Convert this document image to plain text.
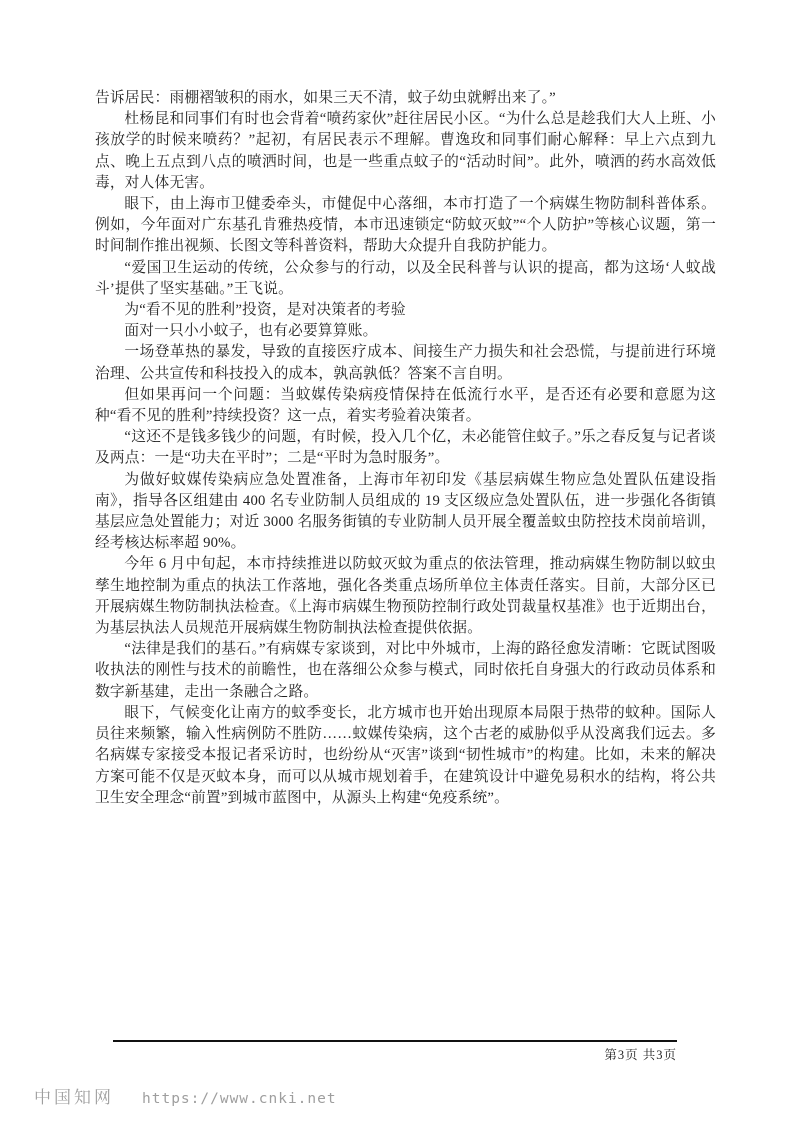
告诉居民：雨棚褶皱积的雨水，如果三天不清，蚊子幼虫就孵出来了。”

杜杨昆和同事们有时也会背着“喷药家伙”赶往居民小区。“为什么总是趁我们大人上班、小孩放学的时候来喷药？”起初，有居民表示不理解。曹逸玫和同事们耐心解释：早上六点到九点、晚上五点到八点的喷洒时间，也是一些重点蚊子的“活动时间”。此外，喷洒的药水高效低毒，对人体无害。

眼下，由上海市卫健委牵头，市健促中心落细，本市打造了一个病媒生物防制科普体系。例如，今年面对广东基孔肯雅热疫情，本市迅速锁定“防蚊灭蚊”“个人防护”等核心议题，第一时间制作推出视频、长图文等科普资料，帮助大众提升自我防护能力。

“爱国卫生运动的传统，公众参与的行动，以及全民科普与认识的提高，都为这场‘人蚊战斗’提供了坚实基础。”王飞说。

为“看不见的胜利”投资，是对决策者的考验

面对一只小小蚊子，也有必要算算账。

一场登革热的暴发，导致的直接医疗成本、间接生产力损失和社会恐慌，与提前进行环境治理、公共宣传和科技投入的成本，孰高孰低？答案不言自明。

但如果再问一个问题：当蚊媒传染病疫情保持在低流行水平，是否还有必要和意愿为这种“看不见的胜利”持续投资？这一点，着实考验着决策者。

“这还不是钱多钱少的问题，有时候，投入几个亿，未必能管住蚊子。”乐之春反复与记者谈及两点：一是“功夫在平时”；二是“平时为急时服务”。

为做好蚊媒传染病应急处置准备，上海市年初印发《基层病媒生物应急处置队伍建设指南》，指导各区组建由 400 名专业防制人员组成的 19 支区级应急处置队伍，进一步强化各街镇基层应急处置能力；对近 3000 名服务街镇的专业防制人员开展全覆盖蚊虫防控技术岗前培训，经考核达标率超 90%。

今年 6 月中旬起，本市持续推进以防蚊灭蚊为重点的依法管理，推动病媒生物防制以蚊虫孳生地控制为重点的执法工作落地，强化各类重点场所单位主体责任落实。目前，大部分区已开展病媒生物防制执法检查。《上海市病媒生物预防控制行政处罚裁量权基准》也于近期出台，为基层执法人员规范开展病媒生物防制执法检查提供依据。

“法律是我们的基石。”有病媒专家谈到，对比中外城市，上海的路径愈发清晰：它既试图吸收执法的刚性与技术的前瞻性，也在落细公众参与模式，同时依托自身强大的行政动员体系和数字新基建，走出一条融合之路。

眼下，气候变化让南方的蚊季变长，北方城市也开始出现原本局限于热带的蚊种。国际人员往来频繁，输入性病例防不胜防……蚊媒传染病，这个古老的威胁似乎从没离我们远去。多名病媒专家接受本报记者采访时，也纷纷从“灭害”谈到“韧性城市”的构建。比如，未来的解决方案可能不仅是灭蚊本身，而可以从城市规划着手，在建筑设计中避免易积水的结构，将公共卫生安全理念“前置”到城市蓝图中，从源头上构建“免疫系统”。

第3页 共3页
中国知网 https://www.cnki.net
